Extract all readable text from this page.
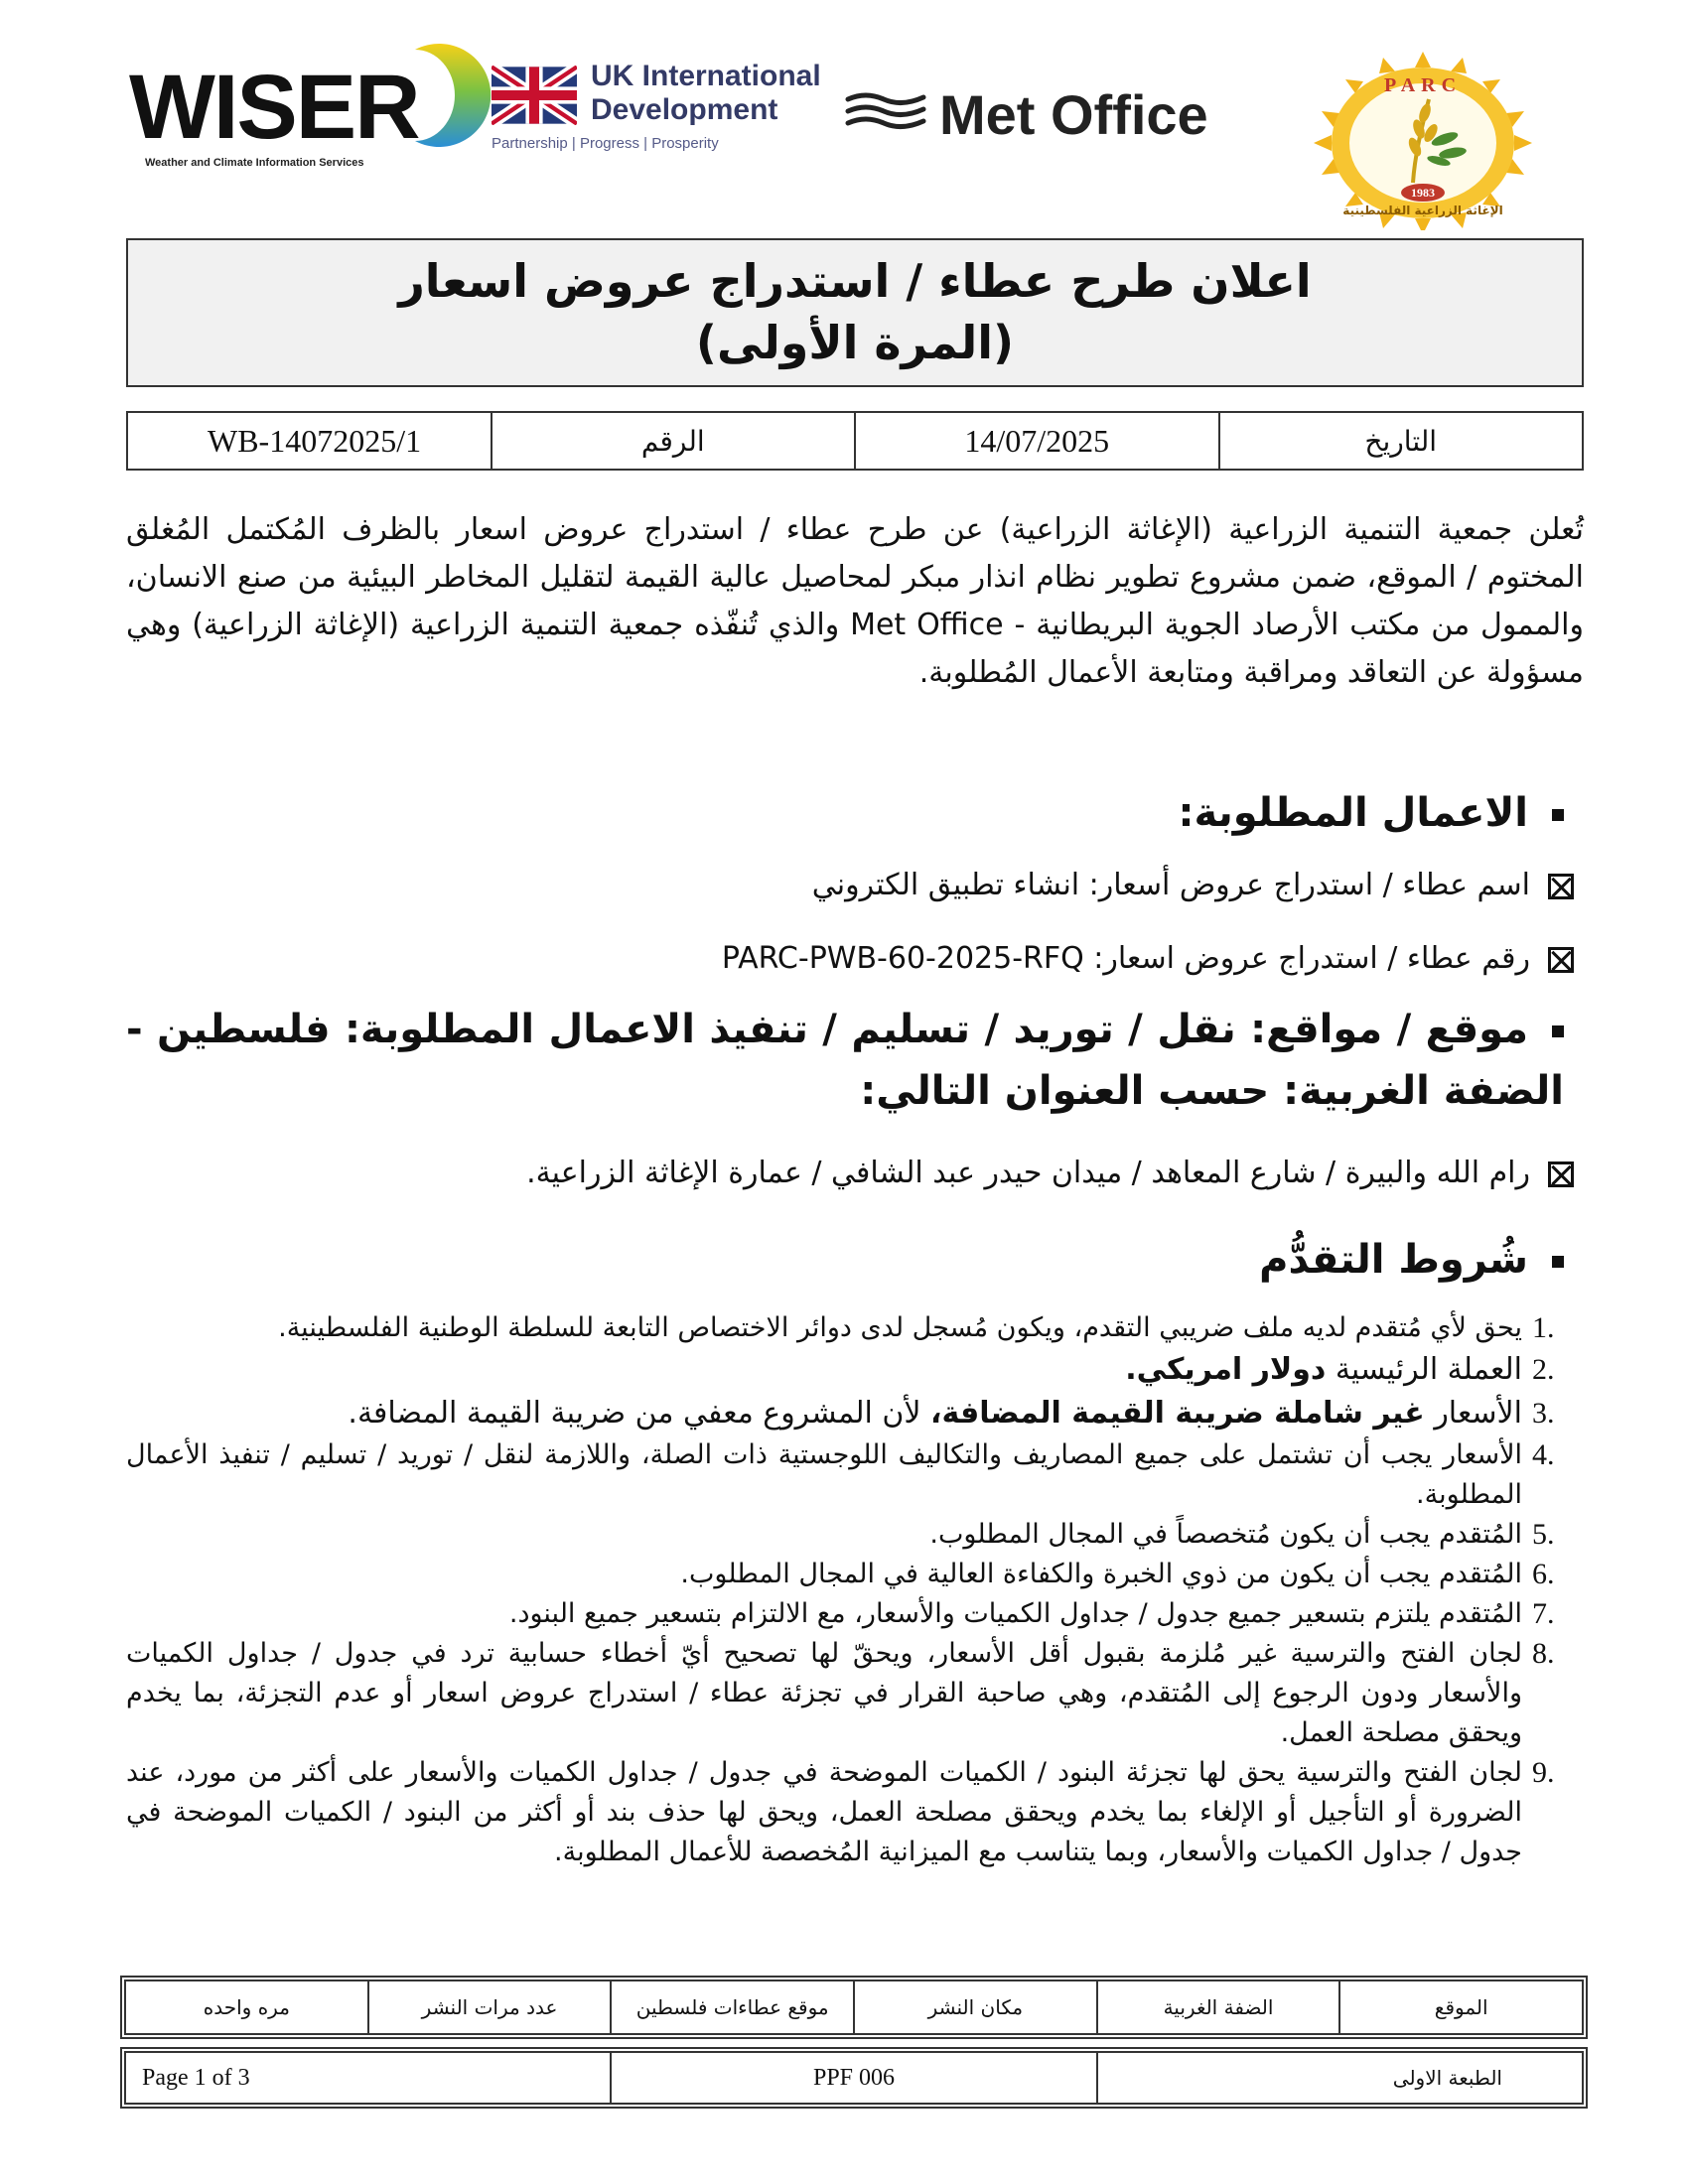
WISER
Weather and Climate Information Services
UK International
Development
Partnership | Progress | Prosperity	Met Office	PARC
1983
الإغاثة الزراعية الفلسطينية
اعلان طرح عطاء / استدراج عروض اسعار
(المرة الأولى)
التاريخ	14/07/2025	الرقم	WB-14072025/1
تُعلن جمعية التنمية الزراعية (الإغاثة الزراعية) عن طرح عطاء / استدراج عروض اسعار بالظرف المُكتمل المُغلق المختوم / الموقع، ضمن مشروع تطوير نظام انذار مبكر لمحاصيل عالية القيمة لتقليل المخاطر البيئية من صنع الانسان، والممول من مكتب الأرصاد الجوية البريطانية - Met Office والذي تُنفّذه جمعية التنمية الزراعية (الإغاثة الزراعية) وهي مسؤولة عن التعاقد ومراقبة ومتابعة الأعمال المُطلوبة.
الاعمال المطلوبة:
اسم عطاء / استدراج عروض أسعار: انشاء تطبيق الكتروني
رقم عطاء / استدراج عروض اسعار: PARC-PWB-60-2025-RFQ
موقع / مواقع: نقل / توريد / تسليم / تنفيذ الاعمال المطلوبة: فلسطين - الضفة الغربية: حسب العنوان التالي:
رام الله والبيرة / شارع المعاهد / ميدان حيدر عبد الشافي / عمارة الإغاثة الزراعية.
شُروط التقدُّم
1.
يحق لأي مُتقدم لديه ملف ضريبي التقدم، ويكون مُسجل لدى دوائر الاختصاص التابعة للسلطة الوطنية الفلسطينية.
2.
العملة الرئيسية دولار امريكي.
3.
الأسعار غير شاملة ضريبة القيمة المضافة، لأن المشروع معفي من ضريبة القيمة المضافة.
4.
الأسعار يجب أن تشتمل على جميع المصاريف والتكاليف اللوجستية ذات الصلة، واللازمة لنقل / توريد / تسليم / تنفيذ الأعمال المطلوبة.
5.
المُتقدم يجب أن يكون مُتخصصاً في المجال المطلوب.
6.
المُتقدم يجب أن يكون من ذوي الخبرة والكفاءة العالية في المجال المطلوب.
7.
المُتقدم يلتزم بتسعير جميع جدول / جداول الكميات والأسعار، مع الالتزام بتسعير جميع البنود.
8.
لجان الفتح والترسية غير مُلزمة بقبول أقل الأسعار، ويحقّ لها تصحيح أيّ أخطاء حسابية ترد في جدول / جداول الكميات والأسعار ودون الرجوع إلى المُتقدم، وهي صاحبة القرار في تجزئة عطاء / استدراج عروض اسعار أو عدم التجزئة، بما يخدم ويحقق مصلحة العمل.
9.
لجان الفتح والترسية يحق لها تجزئة البنود / الكميات الموضحة في جدول / جداول الكميات والأسعار على أكثر من مورد، عند الضرورة أو التأجيل أو الإلغاء بما يخدم ويحقق مصلحة العمل، ويحق لها حذف بند أو أكثر من البنود / الكميات الموضحة في جدول / جداول الكميات والأسعار، وبما يتناسب مع الميزانية المُخصصة للأعمال المطلوبة.
الموقع	الضفة الغربية	مكان النشر	موقع عطاءات فلسطين	عدد مرات النشر	مره واحده
الطبعة الاولى	PPF 006	Page 1 of 3
